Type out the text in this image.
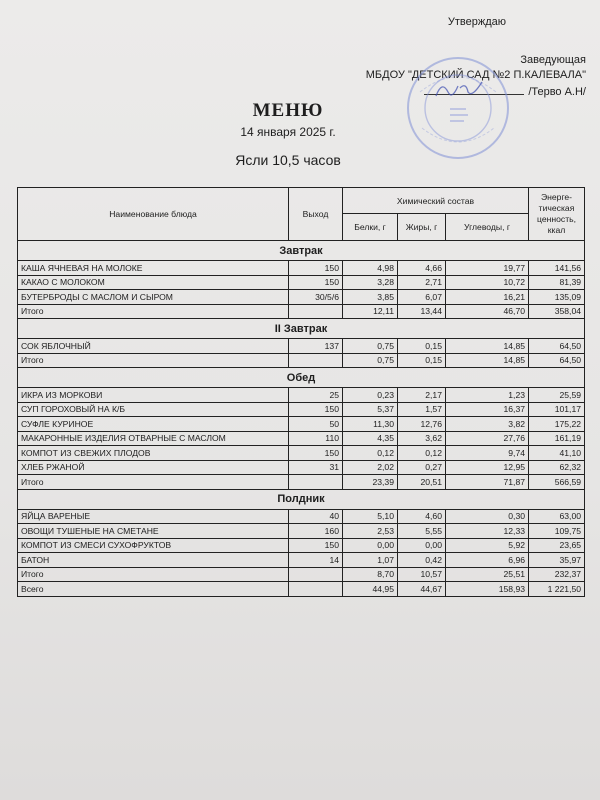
Утверждаю
Заведующая
МБДОУ "ДЕТСКИЙ САД №2 П.КАЛЕВАЛА"
/Терво А.Н/
МЕНЮ
14 января 2025 г.
Ясли 10,5 часов
Наименование блюда	Выход	Химический состав			Энерге-тическая ценность, ккал
		Белки, г	Жиры, г	Углеводы, г	
Завтрак					
КАША ЯЧНЕВАЯ НА МОЛОКЕ	150	4,98	4,66	19,77	141,56
КАКАО С МОЛОКОМ	150	3,28	2,71	10,72	81,39
БУТЕРБРОДЫ С МАСЛОМ И СЫРОМ	30/5/6	3,85	6,07	16,21	135,09
Итого		12,11	13,44	46,70	358,04
II Завтрак					
СОК ЯБЛОЧНЫЙ	137	0,75	0,15	14,85	64,50
Итого		0,75	0,15	14,85	64,50
Обед					
ИКРА ИЗ МОРКОВИ	25	0,23	2,17	1,23	25,59
СУП ГОРОХОВЫЙ НА К/Б	150	5,37	1,57	16,37	101,17
СУФЛЕ КУРИНОЕ	50	11,30	12,76	3,82	175,22
МАКАРОННЫЕ ИЗДЕЛИЯ ОТВАРНЫЕ С МАСЛОМ	110	4,35	3,62	27,76	161,19
КОМПОТ ИЗ СВЕЖИХ ПЛОДОВ	150	0,12	0,12	9,74	41,10
ХЛЕБ РЖАНОЙ	31	2,02	0,27	12,95	62,32
Итого		23,39	20,51	71,87	566,59
Полдник					
ЯЙЦА ВАРЕНЫЕ	40	5,10	4,60	0,30	63,00
ОВОЩИ ТУШЕНЫЕ НА СМЕТАНЕ	160	2,53	5,55	12,33	109,75
КОМПОТ ИЗ СМЕСИ СУХОФРУКТОВ	150	0,00	0,00	5,92	23,65
БАТОН	14	1,07	0,42	6,96	35,97
Итого		8,70	10,57	25,51	232,37
Всего		44,95	44,67	158,93	1 221,50
